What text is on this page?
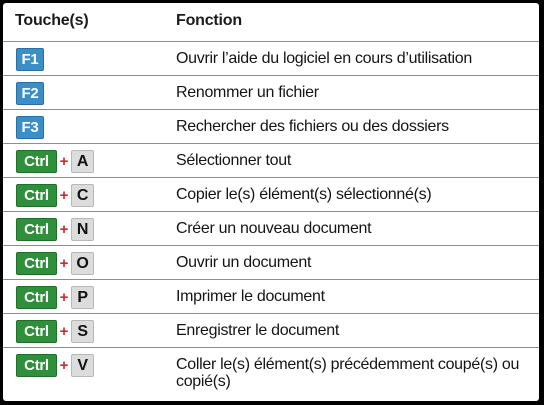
Touche(s)	Fonction
F1	Ouvrir l’aide du logiciel en cours d’utilisation
F2	Renommer un fichier
F3	Rechercher des fichiers ou des dossiers
Ctrl + A	Sélectionner tout
Ctrl + C	Copier le(s) élément(s) sélectionné(s)
Ctrl + N	Créer un nouveau document
Ctrl + O	Ouvrir un document
Ctrl + P	Imprimer le document
Ctrl + S	Enregistrer le document
Ctrl + V	Coller le(s) élément(s) précédemment coupé(s) ou copié(s)
